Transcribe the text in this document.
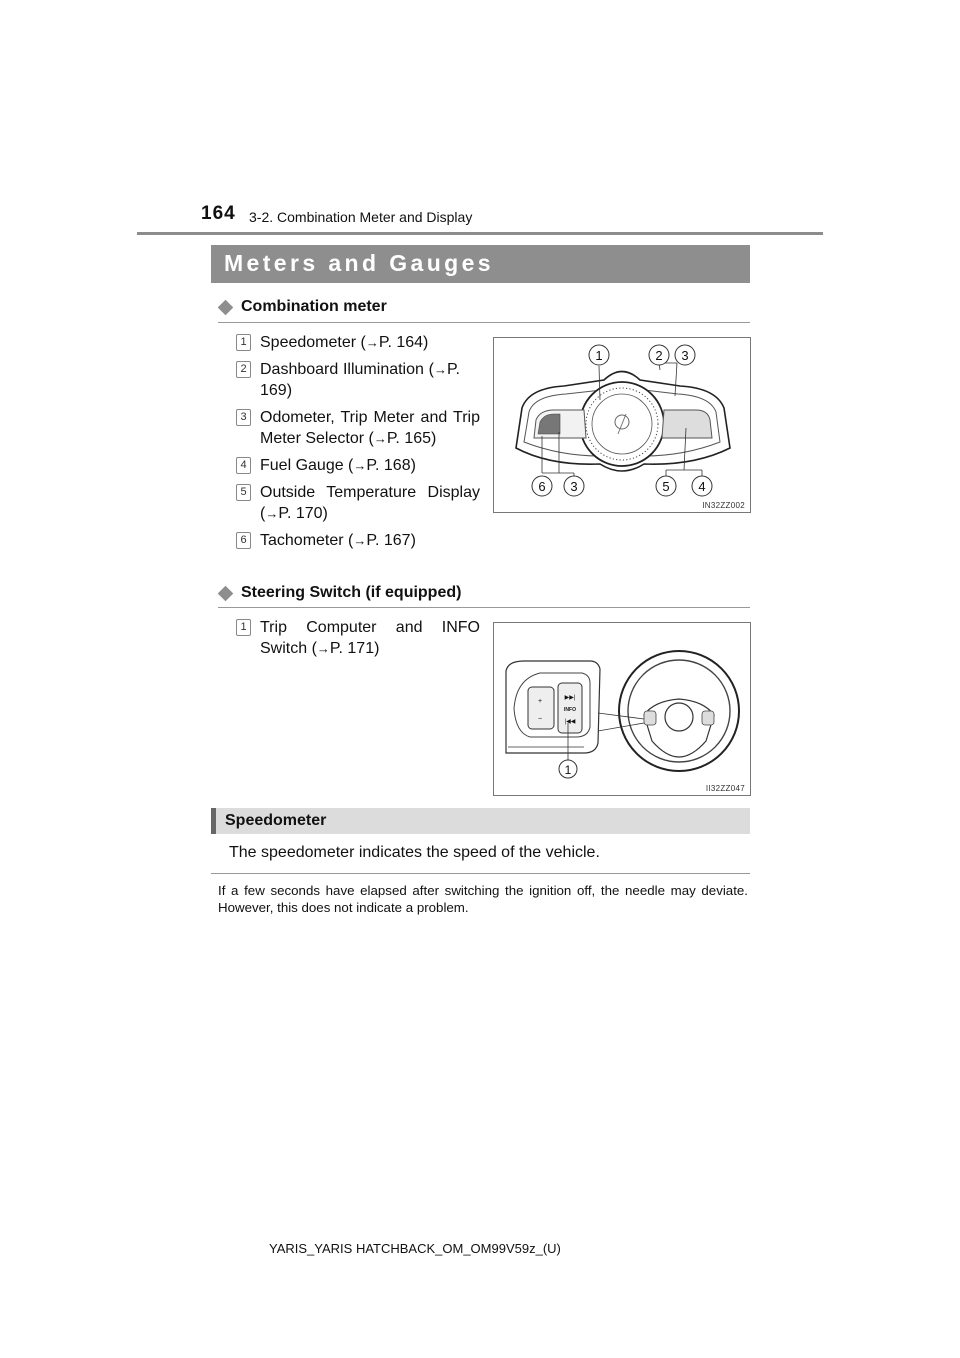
164 3-2. Combination Meter and Display
Meters and Gauges
Combination meter
1 Speedometer (→P. 164)
2 Dashboard Illumination (→P. 169)
3 Odometer, Trip Meter and Trip Meter Selector (→P. 165)
4 Fuel Gauge (→P. 168)
5 Outside Temperature Display (→P. 170)
6 Tachometer (→P. 167)
1	2 3
6 3	5 4
IN32ZZ002
Steering Switch (if equipped)
1 Trip Computer and INFO Switch (→P. 171)
▶▶|
INFO
|◀◀
+
−
1
II32ZZ047
Speedometer
The speedometer indicates the speed of the vehicle.
If a few seconds have elapsed after switching the ignition off, the needle may deviate. However, this does not indicate a problem.
YARIS_YARIS HATCHBACK_OM_OM99V59z_(U)
